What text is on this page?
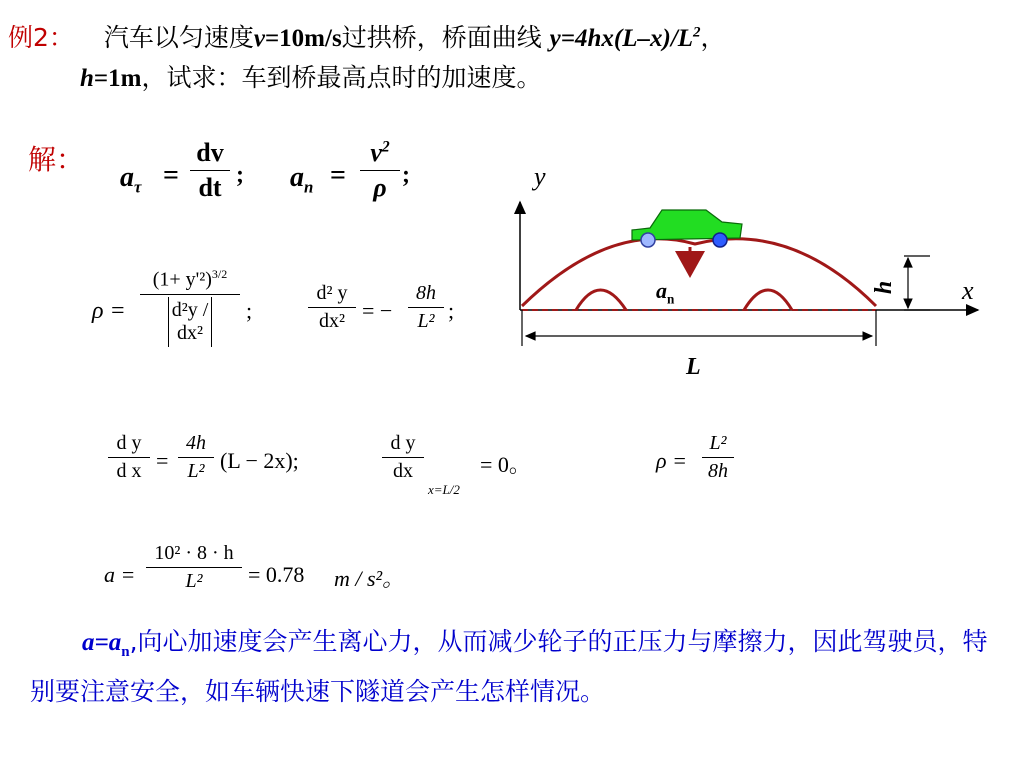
例2： 汽车以匀速度v=10m/s过拱桥，桥面曲线 $y=4hx(L-x)/L^2$，
h=1m，试求：车到桥最高点时的加速度。
解：
$a_\tau$ =
dv
dt ; $a_n$ =
$v^2$
ρ ;
ρ =
$(1+ y'^2)^{3/2}$
d²y / dx²
;
d² y
dx² = −
8h
L² ;
d y
d x =
4h
L² (L − 2x);
d y
dx
x=L/2
= 0。	ρ =
L²
8h
a =
10² · 8 · h
L²	= 0.78 m / s²。
y
x
h
$a_n$
L
$a=a_n$,向心加速度会产生离心力，从而减少轮子的正压力与摩擦力，因此驾驶员，特别要注意安全，如车辆快速下隧道会产生怎样情况。
